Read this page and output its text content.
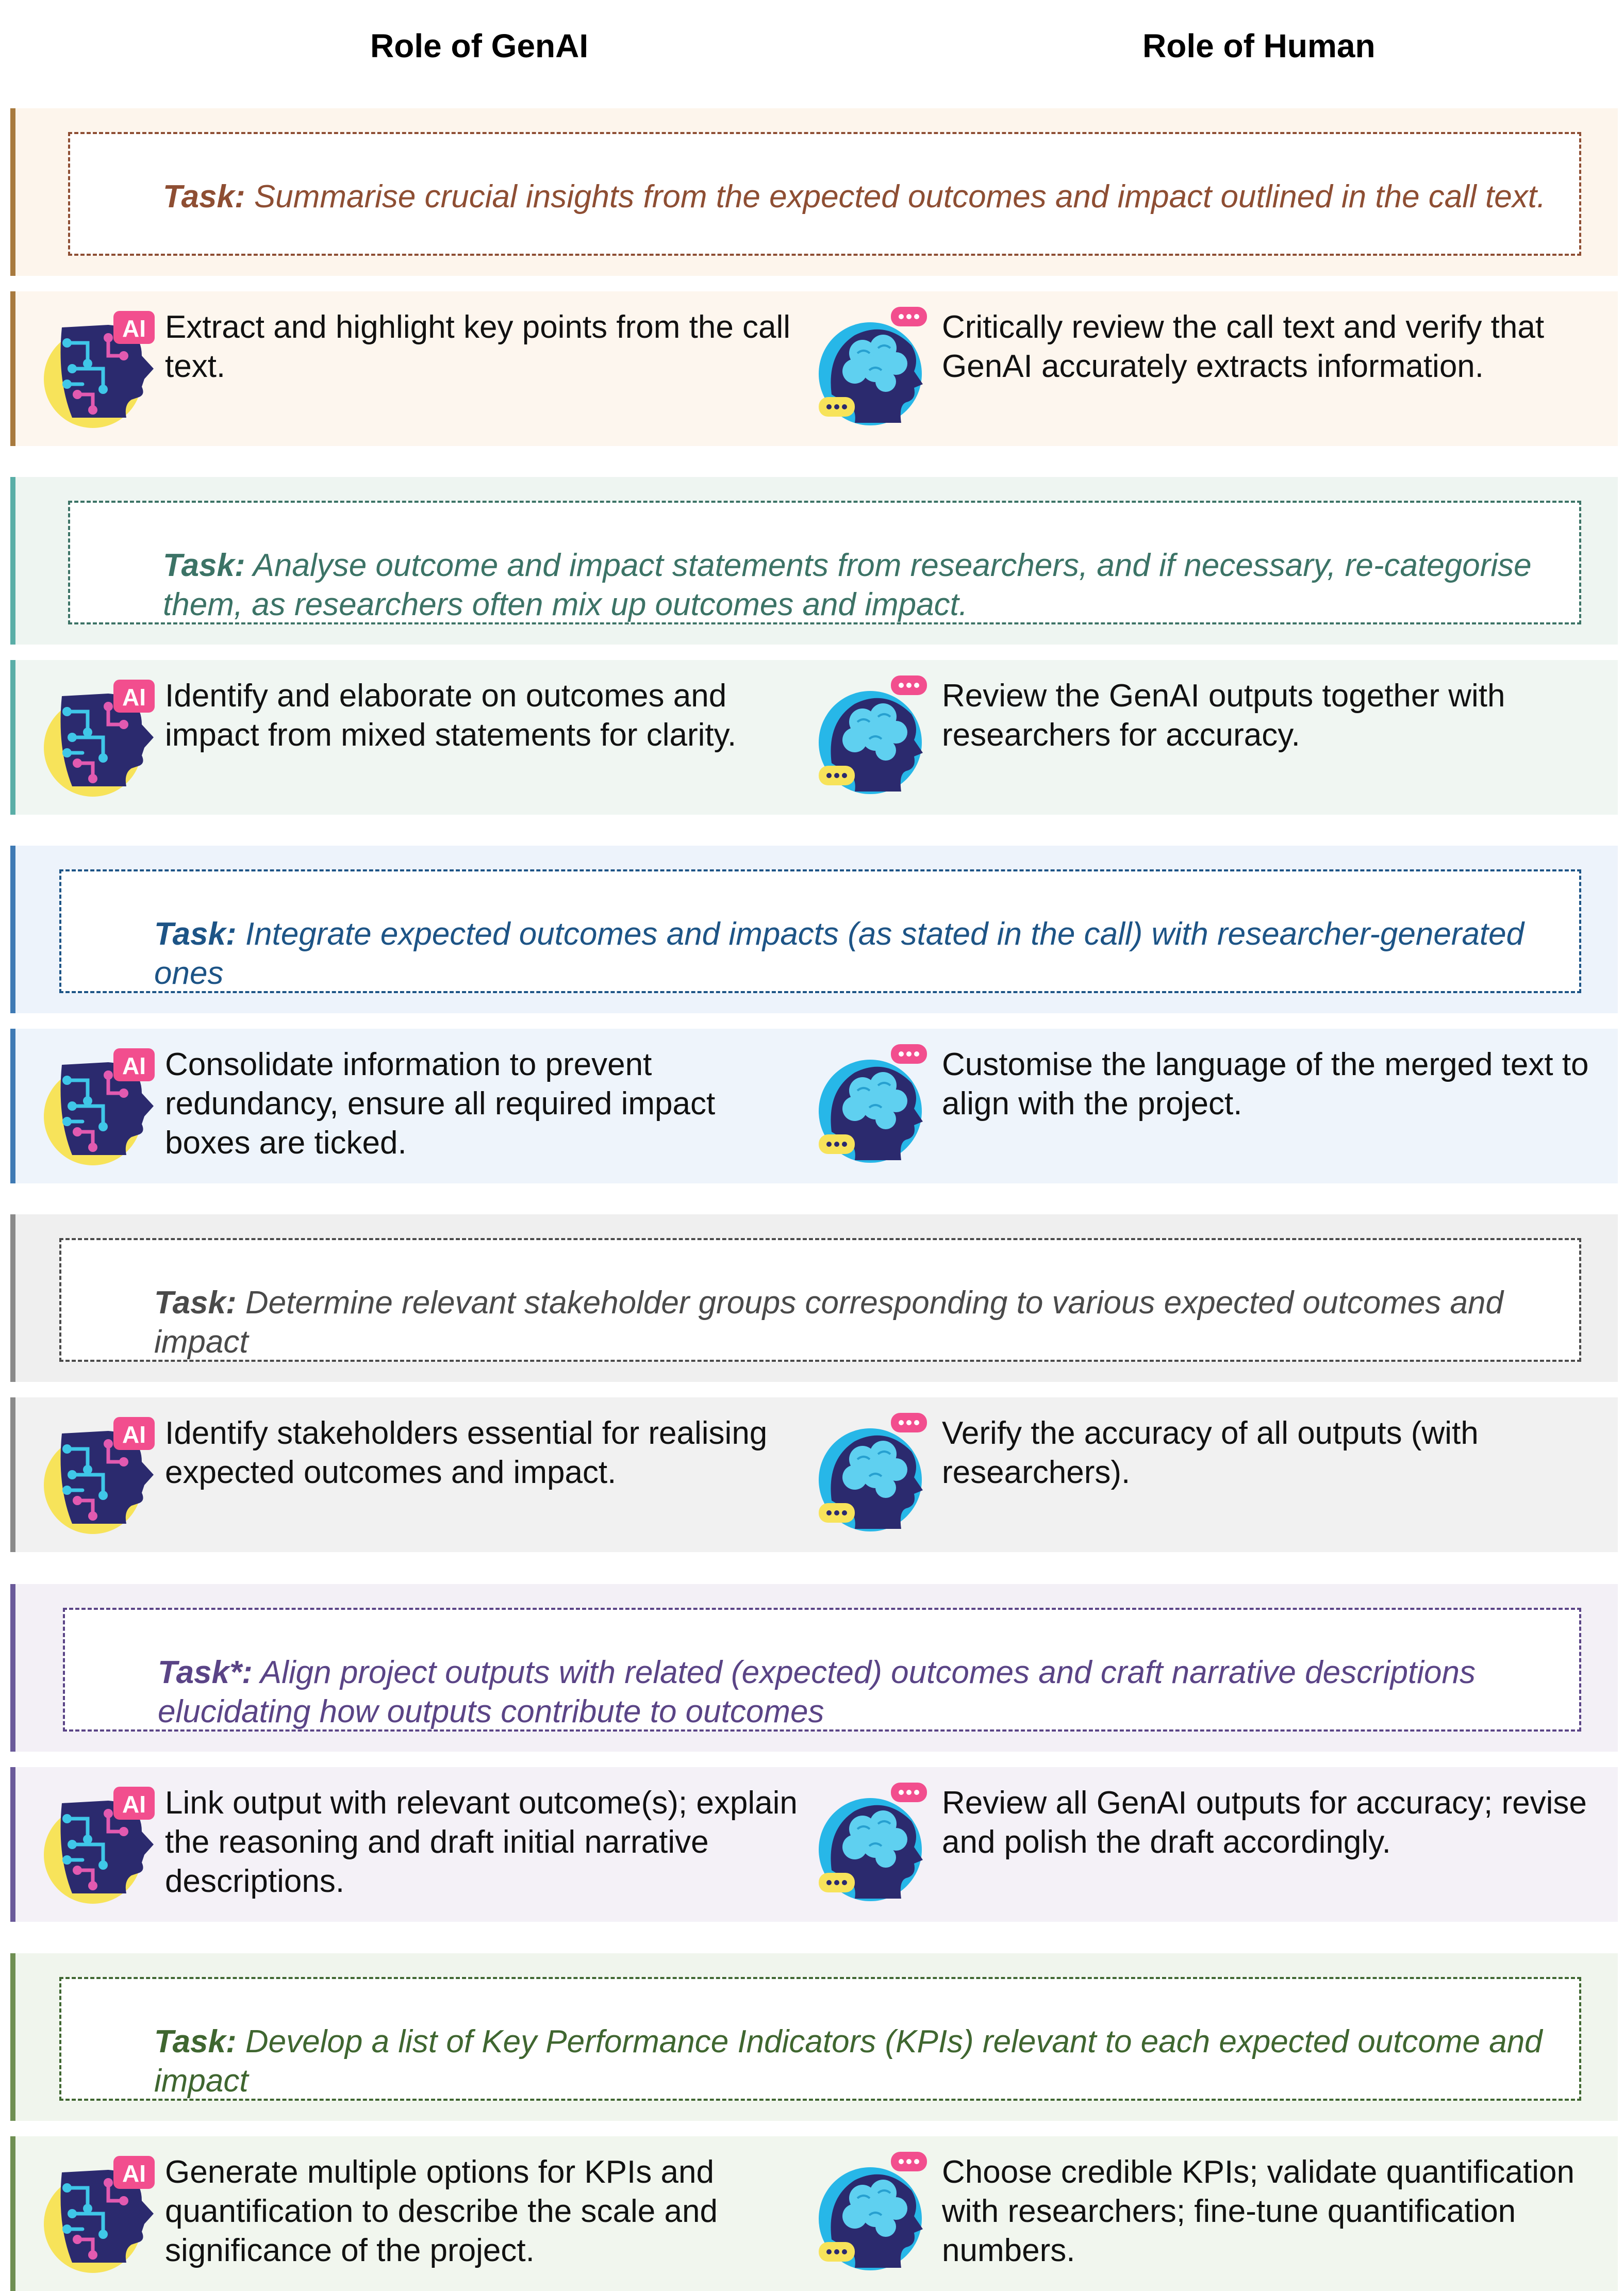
Role of GenAI	Role of Human
Task: Summarise crucial insights from the expected outcomes and impact outlined in the call text.
AI Extract and highlight key points from the call text.
Critically review the call text and verify that GenAI accurately extracts information.
Task: Analyse outcome and impact statements from researchers, and if necessary, re-categorise them, as researchers often mix up outcomes and impact.
AI Identify and elaborate on outcomes and impact from mixed statements for clarity.
Review the GenAI outputs together with researchers for accuracy.
Task: Integrate expected outcomes and impacts (as stated in the call) with researcher-generated ones
AI Consolidate information to prevent redundancy, ensure all required impact boxes are ticked.
Customise the language of the merged text to align with the project.
Task: Determine relevant stakeholder groups corresponding to various expected outcomes and impact
AI Identify stakeholders essential for realising expected outcomes and impact.
Verify the accuracy of all outputs (with researchers).
Task*: Align project outputs with related (expected) outcomes and craft narrative descriptions elucidating how outputs contribute to outcomes
AI Link output with relevant outcome(s); explain the reasoning and draft initial narrative descriptions.
Review all GenAI outputs for accuracy; revise and polish the draft accordingly.
Task: Develop a list of Key Performance Indicators (KPIs) relevant to each expected outcome and impact
AI Generate multiple options for KPIs and quantification to describe the scale and significance of the project.
Choose credible KPIs; validate quantification with researchers; fine-tune quantification numbers.
